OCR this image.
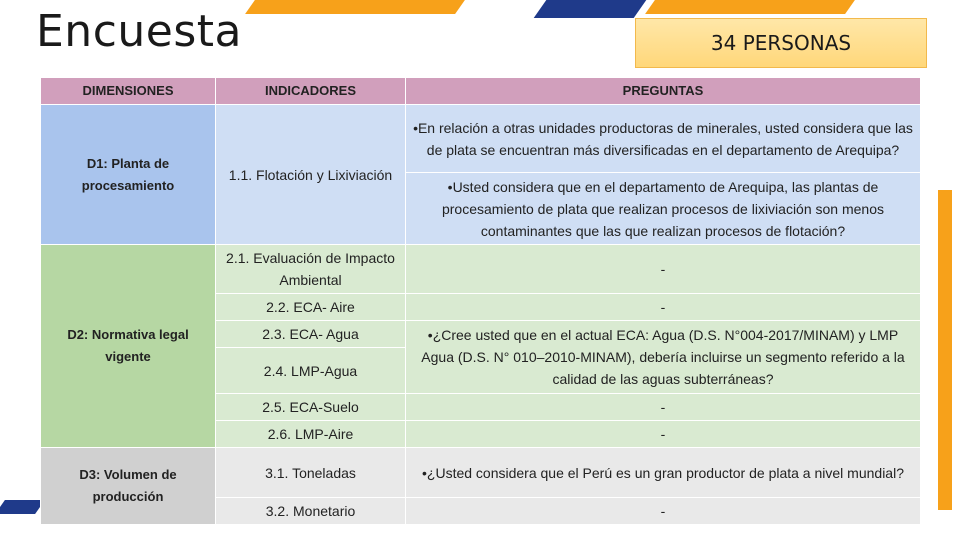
Encuesta	34 PERSONAS
DIMENSIONES	INDICADORES	PREGUNTAS
D1: Planta de procesamiento	1.1. Flotación y Lixiviación	•En relación a otras unidades productoras de minerales, usted considera que las de plata se encuentran más diversificadas en el departamento de Arequipa?
		•Usted considera que en el departamento de Arequipa, las plantas de procesamiento de plata que realizan procesos de lixiviación son menos contaminantes que las que realizan procesos de flotación?
D2: Normativa legal vigente	2.1. Evaluación de Impacto Ambiental	-
	2.2. ECA- Aire	-
	2.3. ECA- Agua	•¿Cree usted que en el actual ECA: Agua (D.S. N°004-2017/MINAM) y LMP Agua (D.S. N° 010–2010-MINAM), debería incluirse un segmento referido a la calidad de las aguas subterráneas?
	2.4. LMP-Agua	
	2.5. ECA-Suelo	-
	2.6. LMP-Aire	-
D3: Volumen de producción	3.1. Toneladas	•¿Usted considera que el Perú es un gran productor de plata a nivel mundial?
	3.2. Monetario	-
